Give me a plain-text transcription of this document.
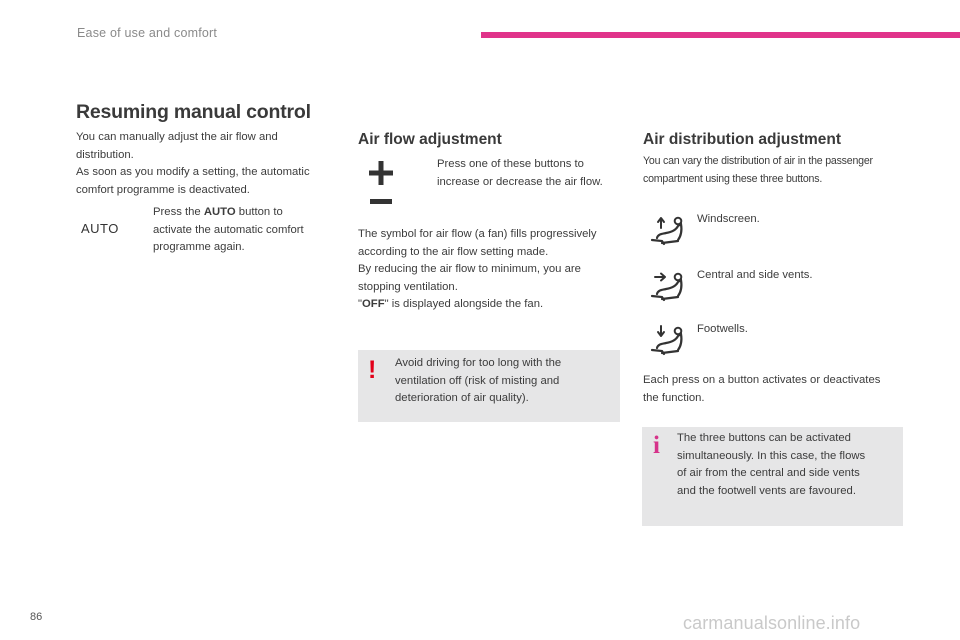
Ease of use and comfort
Resuming manual control

You can manually adjust the air flow and

distribution.

As soon as you modify a setting, the automatic

comfort programme is deactivated.

AUTO

Press the AUTO button to

activate the automatic comfort

programme again.

Air flow adjustment

Press one of these buttons to

increase or decrease the air flow.

The symbol for air flow (a fan) fills progressively

according to the air flow setting made.

By reducing the air flow to minimum, you are

stopping ventilation.

"OFF" is displayed alongside the fan.

! Avoid driving for too long with the

ventilation off (risk of misting and

deterioration of air quality).

Air distribution adjustment

You can vary the distribution of air in the passenger

compartment using these three buttons.

Windscreen.
Central and side vents.
Footwells.

Each press on a button activates or deactivates

the function.

i The three buttons can be activated

simultaneously. In this case, the flows

of air from the central and side vents

and the footwell vents are favoured.

86	carmanualsonline.info
